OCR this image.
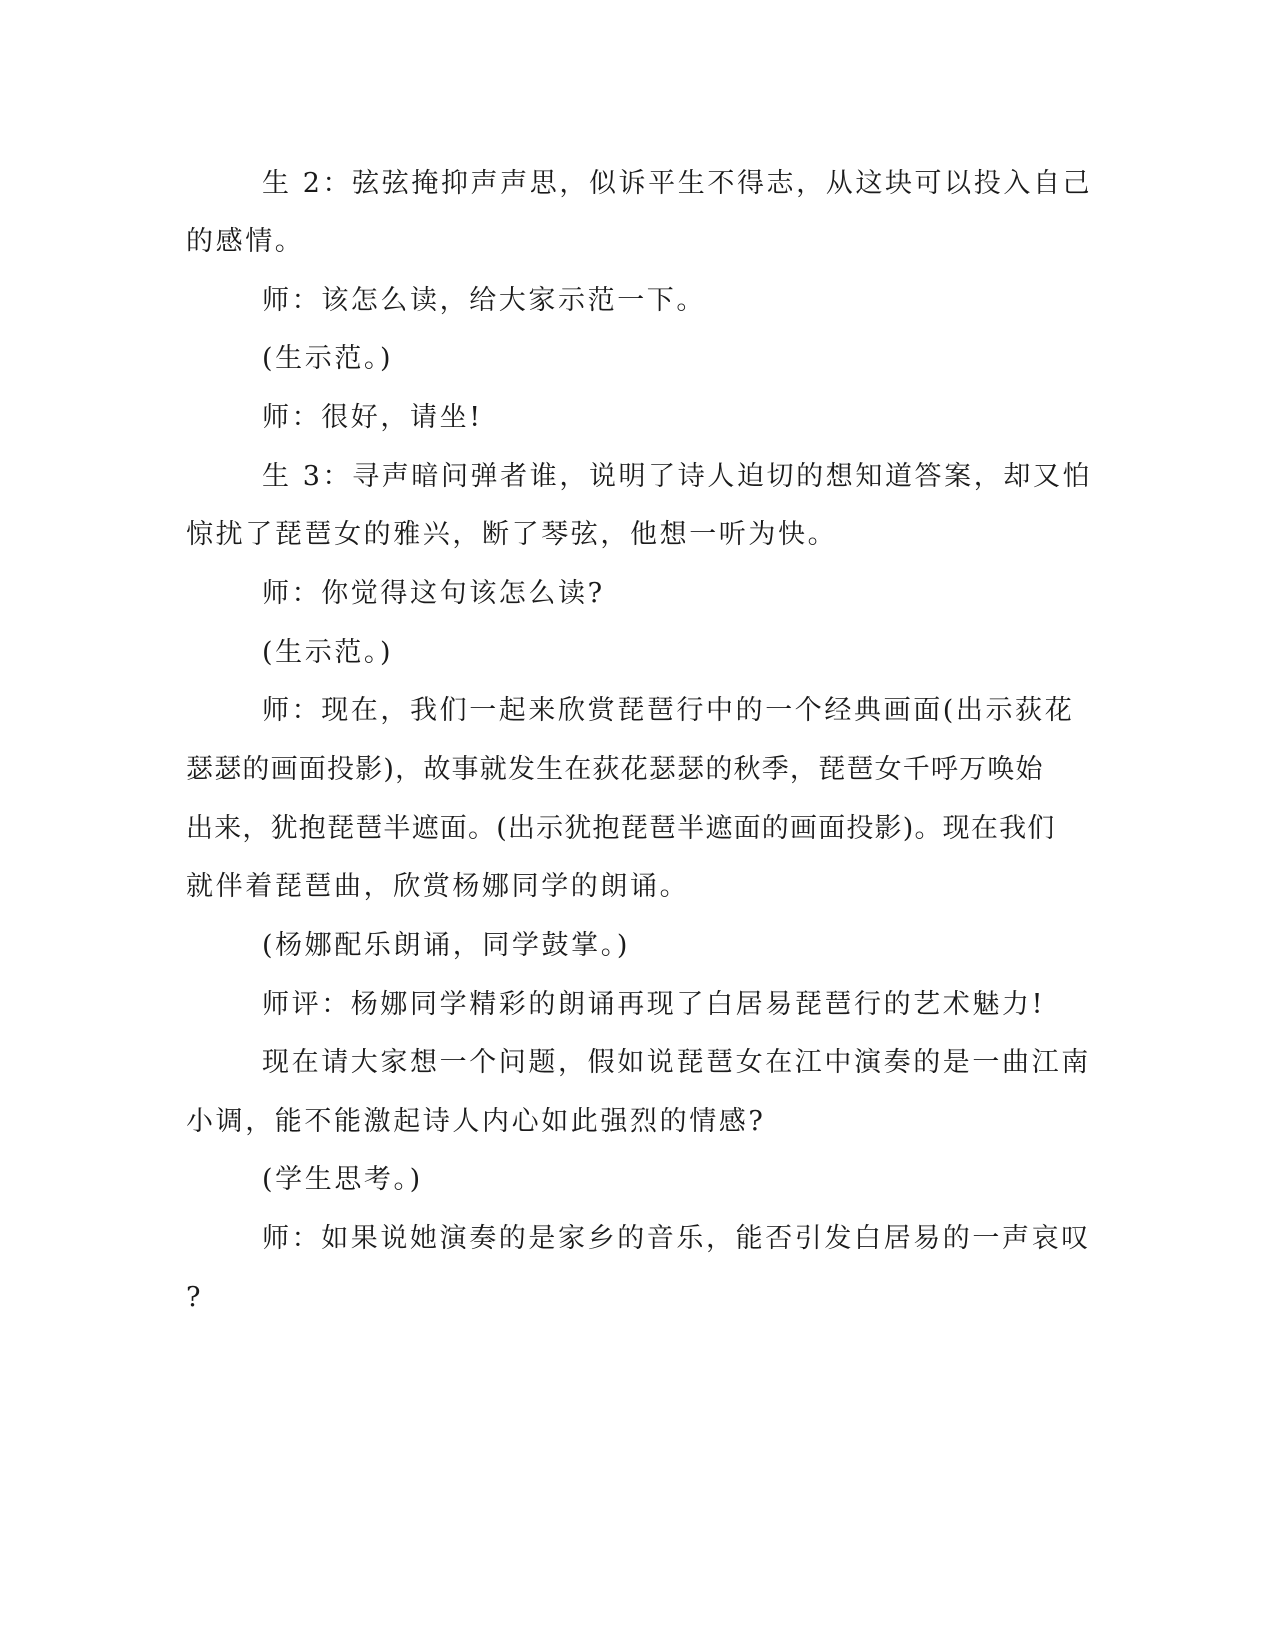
生 2：弦弦掩抑声声思，似诉平生不得志，从这块可以投入自己
的感情。
师：该怎么读，给大家示范一下。
(生示范。)
师：很好，请坐!
生 3：寻声暗问弹者谁，说明了诗人迫切的想知道答案，却又怕
惊扰了琵琶女的雅兴，断了琴弦，他想一听为快。
师：你觉得这句该怎么读?
(生示范。)
师：现在，我们一起来欣赏琵琶行中的一个经典画面(出示荻花
瑟瑟的画面投影)，故事就发生在荻花瑟瑟的秋季，琵琶女千呼万唤始
出来，犹抱琵琶半遮面。(出示犹抱琵琶半遮面的画面投影)。现在我们
就伴着琵琶曲，欣赏杨娜同学的朗诵。
(杨娜配乐朗诵，同学鼓掌。)
师评：杨娜同学精彩的朗诵再现了白居易琵琶行的艺术魅力!
现在请大家想一个问题，假如说琵琶女在江中演奏的是一曲江南
小调，能不能激起诗人内心如此强烈的情感?
(学生思考。)
师：如果说她演奏的是家乡的音乐，能否引发白居易的一声哀叹
?
